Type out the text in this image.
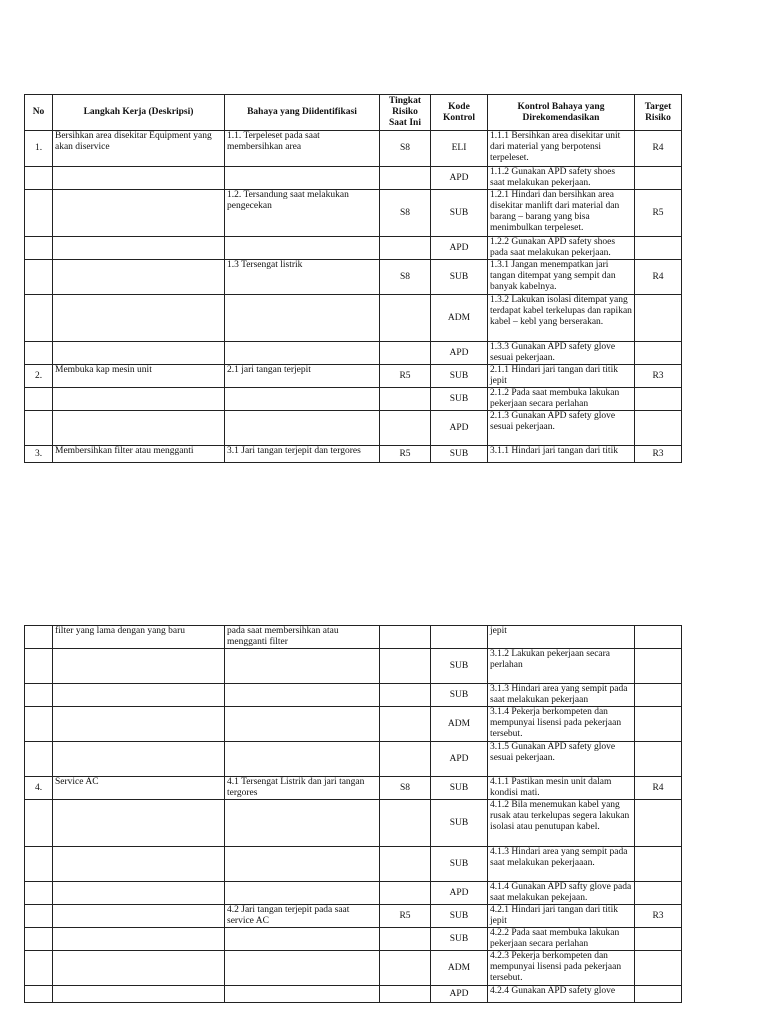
No	Langkah Kerja (Deskripsi)	Bahaya yang Diidentifikasi	Tingkat Risiko Saat Ini	Kode Kontrol	Kontrol Bahaya yang Direkomendasikan	Target Risiko
1.	Bersihkan area disekitar Equipment yang akan diservice	1.1. Terpeleset pada saat membersihkan area	S8	ELI	1.1.1 Bersihkan area disekitar unit dari material yang berpotensi terpeleset.	R4
				APD	1.1.2 Gunakan APD safety shoes saat melakukan pekerjaan.	
		1.2. Tersandung saat melakukan pengecekan	S8	SUB	1.2.1 Hindari dan bersihkan area disekitar manlift dari material dan barang – barang yang bisa menimbulkan terpeleset.	R5
				APD	1.2.2 Gunakan APD safety shoes pada saat melakukan pekerjaan.	
		1.3 Tersengat listrik	S8	SUB	1.3.1 Jangan menempatkan jari tangan ditempat yang sempit dan banyak kabelnya.	R4
				ADM	1.3.2 Lakukan isolasi ditempat yang terdapat kabel terkelupas dan rapikan kabel – kebl yang berserakan.	
				APD	1.3.3 Gunakan APD safety glove sesuai pekerjaan.	
2.	Membuka kap mesin unit	2.1 jari tangan terjepit	R5	SUB	2.1.1 Hindari jari tangan dari titik jepit	R3
				SUB	2.1.2 Pada saat membuka lakukan pekerjaan secara perlahan	
				APD	2.1.3 Gunakan APD safety glove sesuai pekerjaan.	
3.	Membersihkan filter atau mengganti	3.1 Jari tangan terjepit dan tergores	R5	SUB	3.1.1 Hindari jari tangan dari titik	R3
	filter yang lama dengan yang baru	pada saat membersihkan atau mengganti filter			jepit	
				SUB	3.1.2 Lakukan pekerjaan secara perlahan	
				SUB	3.1.3 Hindari area yang sempit pada saat melakukan pekerjaan	
				ADM	3.1.4 Pekerja berkompeten dan mempunyai lisensi pada pekerjaan tersebut.	
				APD	3.1.5 Gunakan APD safety glove sesuai pekerjaan.	
4.	Service AC	4.1 Tersengat Listrik dan jari tangan tergores	S8	SUB	4.1.1 Pastikan mesin unit dalam kondisi mati.	R4
				SUB	4.1.2 Bila menemukan kabel yang rusak atau terkelupas segera lakukan isolasi atau penutupan kabel.	
				SUB	4.1.3 Hindari area yang sempit pada saat melakukan pekerjaaan.	
				APD	4.1.4 Gunakan APD safty glove pada saat melakukan pekejaan.	
		4.2 Jari tangan terjepit pada saat service AC	R5	SUB	4.2.1 Hindari jari tangan dari titik jepit	R3
				SUB	4.2.2 Pada saat membuka lakukan pekerjaan secara perlahan	
				ADM	4.2.3 Pekerja berkompeten dan mempunyai lisensi pada pekerjaan tersebut.	
				APD	4.2.4 Gunakan APD safety glove	
